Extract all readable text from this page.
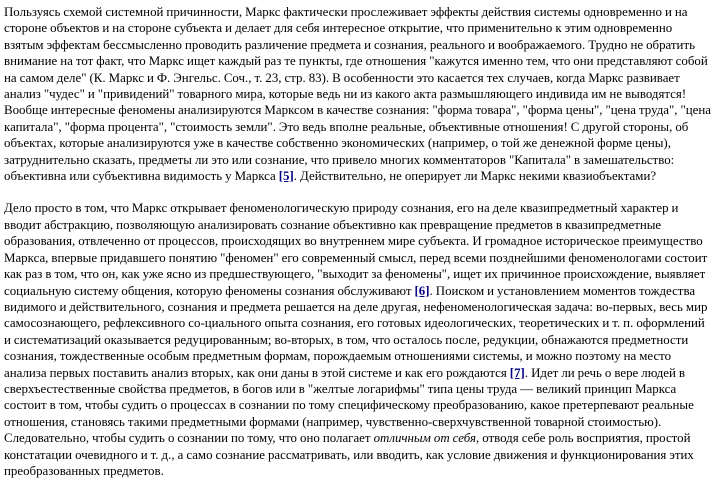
Пользуясь схемой системной причинности, Маркс фактически прослеживает эффекты действия системы одновременно и на стороне объектов и на стороне субъекта и делает для себя интересное открытие, что применительно к этим одновременно взятым эффектам бессмысленно проводить различение предмета и сознания, реального и воображаемого. Трудно не обратить внимание на тот факт, что Маркс ищет каждый раз те пункты, где отношения "кажутся именно тем, что они представляют собой на самом деле" (К. Маркс и Ф. Энгельс. Соч., т. 23, стр. 83). В особенности это касается тех случаев, когда Маркс развивает анализ "чудес" и "привидений" товарного мира, которые ведь ни из какого акта размышляющего индивида им не выводятся! Вообще интересные феномены анализируются Марксом в качестве сознания: "форма товара", "форма цены", "цена труда", "цена капитала", "форма процента", "стоимость земли". Это ведь вполне реальные, объективные отношения! С другой стороны, об объектах, которые анализируются уже в качестве собственно экономических (например, о той же денежной форме цены), затруднительно сказать, предметы ли это или сознание, что привело многих комментаторов "Капитала" в замешательство: объективна или субъективна видимость у Маркса [5]. Действительно, не оперирует ли Маркс некими квазиобъектами?

Дело просто в том, что Маркс открывает феноменологическую природу сознания, его на деле квазипредметный характер и вводит абстракцию, позволяющую анализировать сознание объективно как превращение предметов в квазипредметные образования, отвлеченно от процессов, происходящих во внутреннем мире субъекта. И громадное историческое преимущество Маркса, впервые придавшего понятию "феномен" его современный смысл, перед всеми позднейшими феноменологами состоит как раз в том, что он, как уже ясно из предшествующего, "выходит за феномены", ищет их причинное происхождение, выявляет социальную систему общения, которую феномены сознания обслуживают [6]. Поиском и установлением моментов тождества видимого и действительного, сознания и предмета решается на деле другая, нефеноменологическая задача: во-первых, весь мир самосознающего, рефлексивного со-циального опыта сознания, его готовых идеологических, теоретических и т. п. оформлений и систематизаций оказывается редуцированным; во-вторых, в том, что осталось после, редукции, обнажаются предметности сознания, тождественные особым предметным формам, порождаемым отношениями системы, и можно поэтому на место анализа первых поставить анализ вторых, как они даны в этой системе и как его рождаются [7]. Идет ли речь о вере людей в сверхъестественные свойства предметов, в богов или в "желтые логарифмы" типа цены труда — великий принцип Маркса состоит в том, чтобы судить о процессах в сознании по тому специфическому преобразованию, какое претерпевают реальные отношения, становясь такими предметными формами (например, чувственно-сверхчувственной товарной стоимостью). Следовательно, чтобы судить о сознании по тому, что оно полагает отличным от себя, отводя себе роль восприятия, простой констатации очевидного и т. д., а само сознание рассматривать, или вводить, как условие движения и функционирования этих преобразованных предметов.
